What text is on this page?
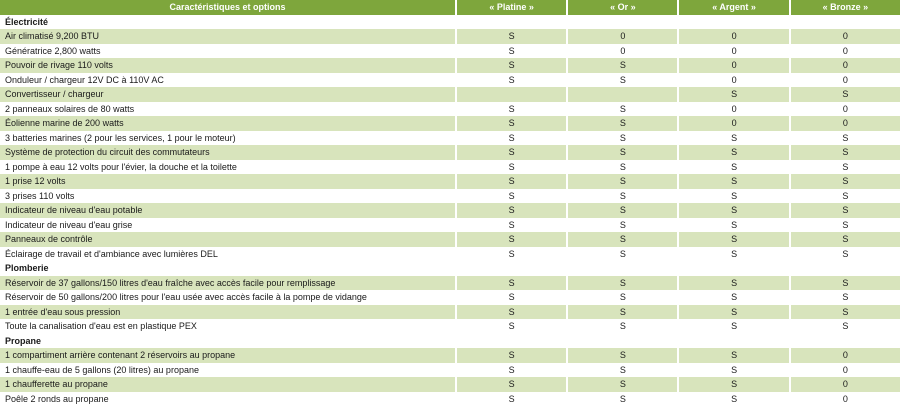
Caractéristiques et options	« Platine »	« Or »	« Argent »	« Bronze »
Électricité				
Air climatisé 9,200 BTU	S	0	0	0
Génératrice 2,800 watts	S	0	0	0
Pouvoir de rivage 110 volts	S	S	0	0
Onduleur / chargeur 12V DC à 110V AC	S	S	0	0
Convertisseur / chargeur			S	S
2 panneaux solaires de 80 watts	S	S	0	0
Éolienne marine de 200 watts	S	S	0	0
3 batteries marines (2 pour les services, 1 pour le moteur)	S	S	S	S
Système de protection du circuit des commutateurs	S	S	S	S
1 pompe à eau 12 volts pour l'évier, la douche et la toilette	S	S	S	S
1 prise 12 volts	S	S	S	S
3 prises 110 volts	S	S	S	S
Indicateur de niveau d'eau potable	S	S	S	S
Indicateur de niveau d'eau grise	S	S	S	S
Panneaux de contrôle	S	S	S	S
Éclairage de travail et d'ambiance avec lumières DEL	S	S	S	S
Plomberie				
Réservoir de 37 gallons/150 litres d'eau fraîche avec accès facile pour remplissage	S	S	S	S
Réservoir de 50 gallons/200 litres pour l'eau usée avec accès facile à la pompe de vidange	S	S	S	S
1 entrée d'eau sous pression	S	S	S	S
Toute la canalisation d'eau est en plastique PEX	S	S	S	S
Propane				
1 compartiment arrière contenant 2 réservoirs au propane	S	S	S	0
1 chauffe-eau de 5 gallons (20 litres) au propane	S	S	S	0
1 chaufferette au propane	S	S	S	0
Poêle 2 ronds au propane	S	S	S	0
